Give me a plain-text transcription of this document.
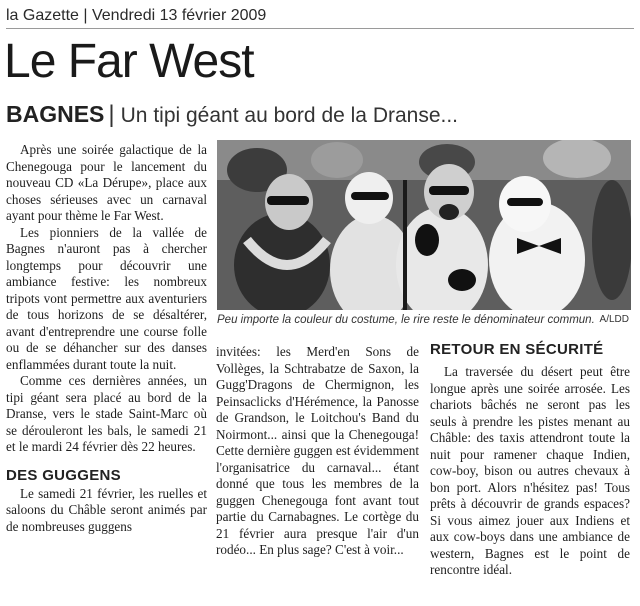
la Gazette | Vendredi 13 février 2009
Le Far West
BAGNES | Un tipi géant au bord de la Dranse...

Après une soirée galactique de la Chenegouga pour le lancement du nouveau CD «La Dérupe», place aux choses sérieuses avec un carnaval ayant pour thème le Far West.

Les pionniers de la vallée de Bagnes n'auront pas à chercher longtemps pour découvrir une ambiance festive: les nombreux tripots vont permettre aux aventuriers de tous horizons de se désaltérer, avant d'entreprendre une course folle ou de se déhancher sur des danses enflammées durant toute la nuit.

Comme ces dernières années, un tipi géant sera placé au bord de la Dranse, vers le stade Saint-Marc où se dérouleront les bals, le samedi 21 et le mardi 24 février dès 22 heures.

DES GUGGENS

Le samedi 21 février, les ruelles et saloons du Châble seront animés par de nombreuses guggens

Peu importe la couleur du costume, le rire reste le dénominateur commun. A/LDD

invitées: les Merd'en Sons de Vollèges, la Schtrabatze de Saxon, la Gugg'Dragons de Chermignon, les Peinsaclicks d'Hérémence, la Panosse de Grandson, le Loitchou's Band du Noirmont... ainsi que la Chenegouga! Cette dernière guggen est évidemment l'organisatrice du carnaval... étant donné que tous les membres de la guggen Chenegouga font avant tout partie du Carnabagnes. Le cortège du 21 février aura presque l'air d'un rodéo... En plus sage? C'est à voir...

RETOUR EN SÉCURITÉ

La traversée du désert peut être longue après une soirée arrosée. Les chariots bâchés ne seront pas les seuls à prendre les pistes menant au Châble: des taxis attendront toute la nuit pour ramener chaque Indien, cow-boy, bison ou autres chevaux à bon port. Alors n'hésitez pas! Tous prêts à découvrir de grands espaces? Si vous aimez jouer aux Indiens et aux cow-boys dans une ambiance de western, Bagnes est le point de rencontre idéal.
